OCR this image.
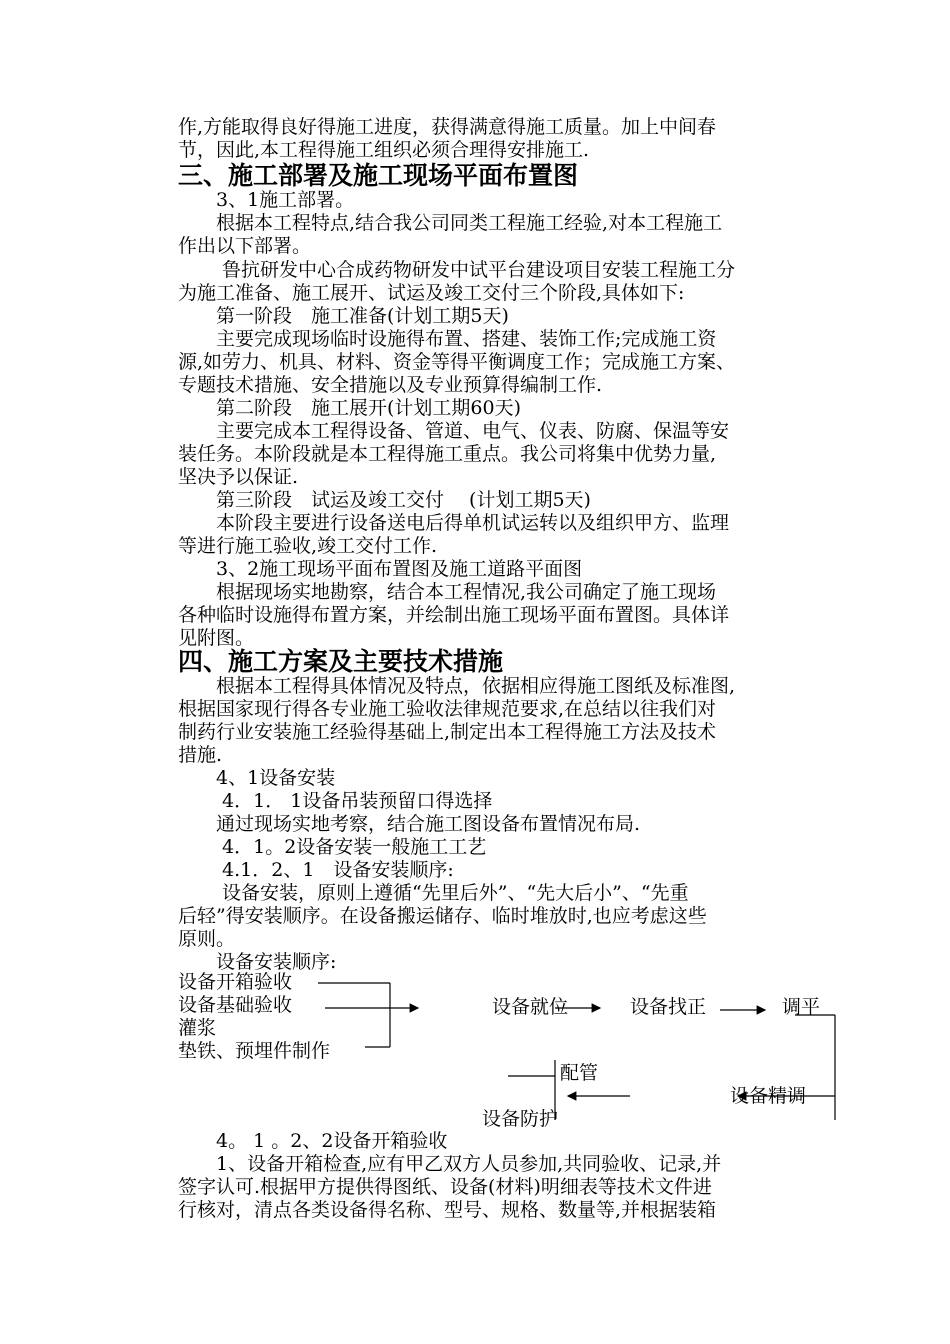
作,方能取得良好得施工进度，获得满意得施工质量。加上中间春
节，因此,本工程得施工组织必须合理得安排施工.
三、施工部署及施工现场平面布置图
　　3、1施工部署。
　　根据本工程特点,结合我公司同类工程施工经验,对本工程施工
作出以下部署。
　　 鲁抗研发中心合成药物研发中试平台建设项目安装工程施工分
为施工准备、施工展开、试运及竣工交付三个阶段,具体如下:
　　第一阶段　施工准备(计划工期5天)
　　主要完成现场临时设施得布置、搭建、装饰工作;完成施工资
源,如劳力、机具、材料、资金等得平衡调度工作；完成施工方案、
专题技术措施、安全措施以及专业预算得编制工作.
　　第二阶段　施工展开(计划工期60天)
　　主要完成本工程得设备、管道、电气、仪表、防腐、保温等安
装任务。本阶段就是本工程得施工重点。我公司将集中优势力量,
坚决予以保证.
　　第三阶段　试运及竣工交付　 (计划工期5天)
　　本阶段主要进行设备送电后得单机试运转以及组织甲方、监理
等进行施工验收,竣工交付工作.
　　3、2施工现场平面布置图及施工道路平面图
　　根据现场实地勘察，结合本工程情况,我公司确定了施工现场
各种临时设施得布置方案，并绘制出施工现场平面布置图。具体详
见附图。
四、施工方案及主要技术措施
　　根据本工程得具体情况及特点，依据相应得施工图纸及标准图,
根据国家现行得各专业施工验收法律规范要求,在总结以往我们对
制药行业安装施工经验得基础上,制定出本工程得施工方法及技术
措施.
　　4、1设备安装
　　 4．1． 1设备吊装预留口得选择
　　通过现场实地考察，结合施工图设备布置情况布局.
　　 4．1。2设备安装一般施工工艺
　　 4.1．2、1　设备安装顺序:
　　 设备安装，原则上遵循“先里后外”、“先大后小”、“先重
后轻”得安装顺序。在设备搬运储存、临时堆放时,也应考虑这些
原则。
　　设备安装顺序:
设备开箱验收
设备基础验收
灌浆
垫铁、预埋件制作
设备就位	设备找正	调平
设备精调
配管
设备防护
　　4。 1 。2、2设备开箱验收
　　1、设备开箱检查,应有甲乙双方人员参加,共同验收、记录,并
签字认可.根据甲方提供得图纸、设备(材料)明细表等技术文件进
行核对，清点各类设备得名称、型号、规格、数量等,并根据装箱
